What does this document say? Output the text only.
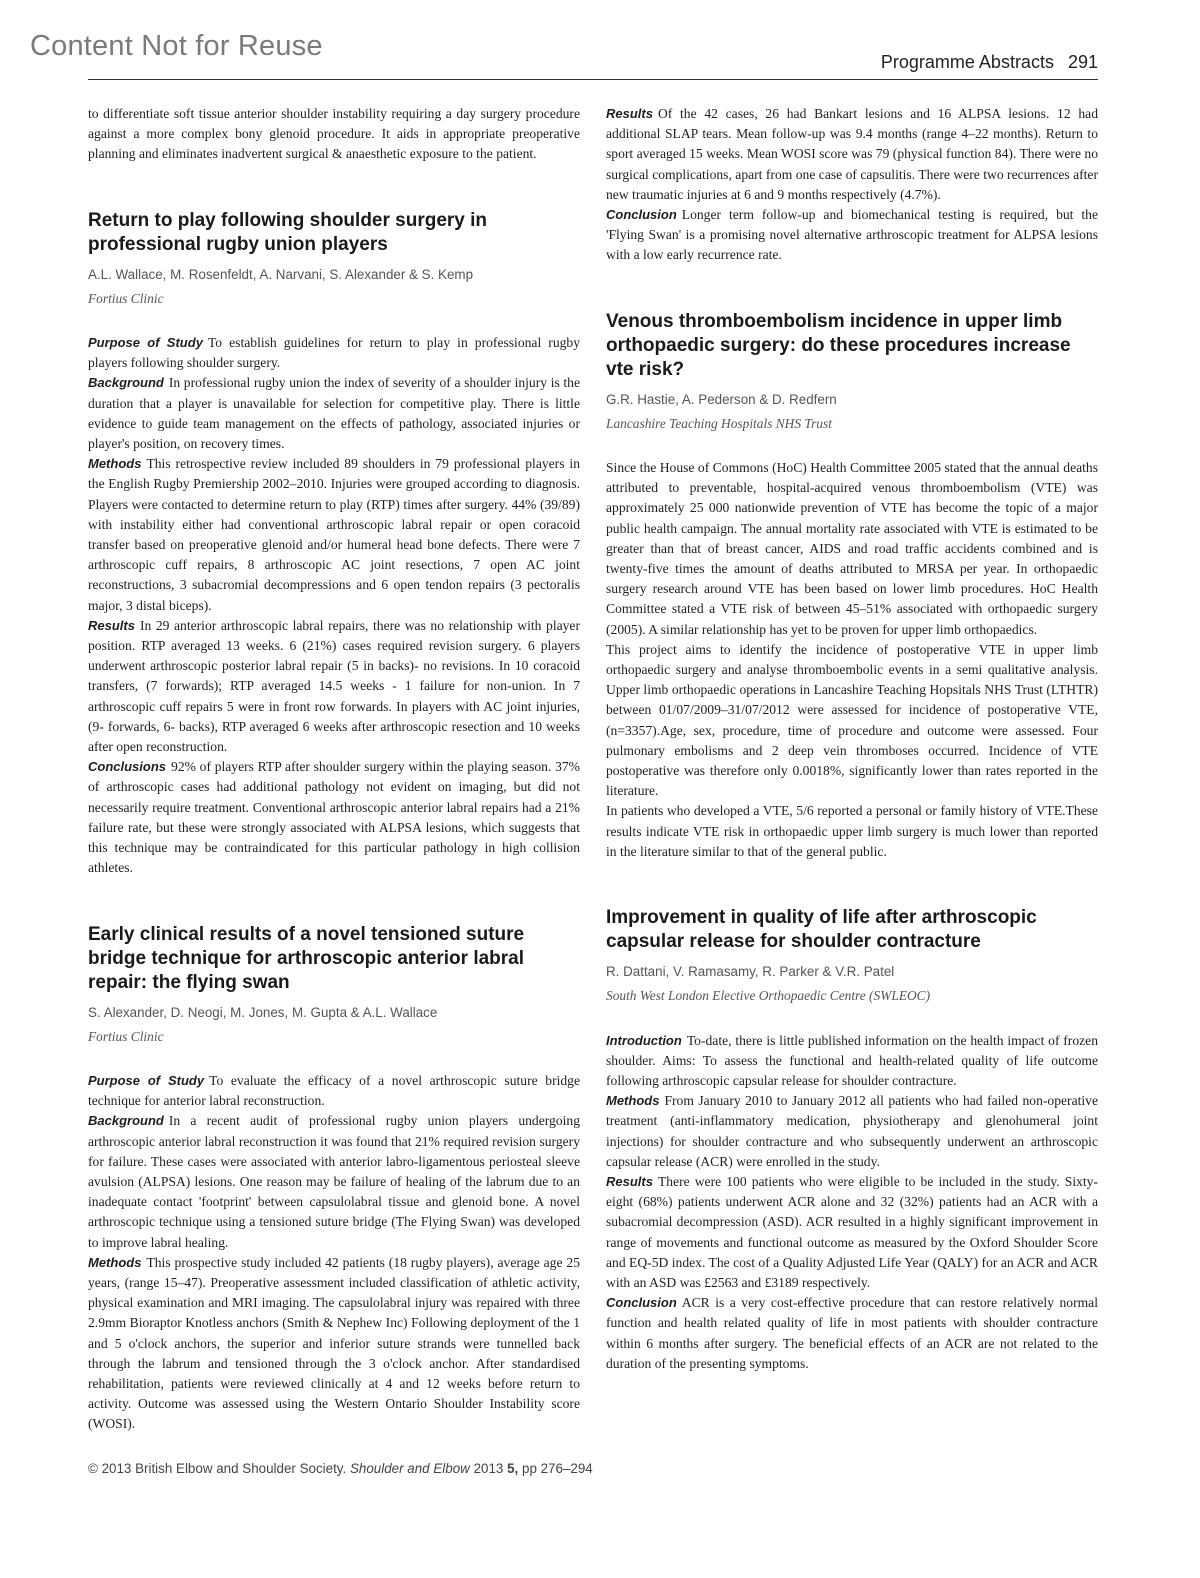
Content Not for Reuse	Programme Abstracts 291

to differentiate soft tissue anterior shoulder instability requiring a day surgery procedure against a more complex bony glenoid procedure. It aids in appropriate preoperative planning and eliminates inadvertent surgical & anaesthetic exposure to the patient.

Return to play following shoulder surgery in professional rugby union players
A.L. Wallace, M. Rosenfeldt, A. Narvani, S. Alexander & S. Kemp
Fortius Clinic

Purpose of Study To establish guidelines for return to play in professional rugby players following shoulder surgery.

Background In professional rugby union the index of severity of a shoulder injury is the duration that a player is unavailable for selection for competitive play. There is little evidence to guide team management on the effects of pathology, associated injuries or player's position, on recovery times.

Methods This retrospective review included 89 shoulders in 79 professional players in the English Rugby Premiership 2002–2010. Injuries were grouped according to diagnosis. Players were contacted to determine return to play (RTP) times after surgery. 44% (39/89) with instability either had conventional arthroscopic labral repair or open coracoid transfer based on preoperative glenoid and/or humeral head bone defects. There were 7 arthroscopic cuff repairs, 8 arthroscopic AC joint resections, 7 open AC joint reconstructions, 3 subacromial decompressions and 6 open tendon repairs (3 pectoralis major, 3 distal biceps).

Results In 29 anterior arthroscopic labral repairs, there was no relationship with player position. RTP averaged 13 weeks. 6 (21%) cases required revision surgery. 6 players underwent arthroscopic posterior labral repair (5 in backs)- no revisions. In 10 coracoid transfers, (7 forwards); RTP averaged 14.5 weeks - 1 failure for non-union. In 7 arthroscopic cuff repairs 5 were in front row forwards. In players with AC joint injuries, (9- forwards, 6- backs), RTP averaged 6 weeks after arthroscopic resection and 10 weeks after open reconstruction.

Conclusions 92% of players RTP after shoulder surgery within the playing season. 37% of arthroscopic cases had additional pathology not evident on imaging, but did not necessarily require treatment. Conventional arthroscopic anterior labral repairs had a 21% failure rate, but these were strongly associated with ALPSA lesions, which suggests that this technique may be contraindicated for this particular pathology in high collision athletes.

Early clinical results of a novel tensioned suture bridge technique for arthroscopic anterior labral repair: the flying swan
S. Alexander, D. Neogi, M. Jones, M. Gupta & A.L. Wallace
Fortius Clinic

Purpose of Study To evaluate the efficacy of a novel arthroscopic suture bridge technique for anterior labral reconstruction.

Background In a recent audit of professional rugby union players undergoing arthroscopic anterior labral reconstruction it was found that 21% required revision surgery for failure. These cases were associated with anterior labro-ligamentous periosteal sleeve avulsion (ALPSA) lesions. One reason may be failure of healing of the labrum due to an inadequate contact 'footprint' between capsulolabral tissue and glenoid bone. A novel arthroscopic technique using a tensioned suture bridge (The Flying Swan) was developed to improve labral healing.

Methods This prospective study included 42 patients (18 rugby players), average age 25 years, (range 15–47). Preoperative assessment included classification of athletic activity, physical examination and MRI imaging. The capsulolabral injury was repaired with three 2.9mm Bioraptor Knotless anchors (Smith & Nephew Inc) Following deployment of the 1 and 5 o'clock anchors, the superior and inferior suture strands were tunnelled back through the labrum and tensioned through the 3 o'clock anchor. After standardised rehabilitation, patients were reviewed clinically at 4 and 12 weeks before return to activity. Outcome was assessed using the Western Ontario Shoulder Instability score (WOSI).

Results Of the 42 cases, 26 had Bankart lesions and 16 ALPSA lesions. 12 had additional SLAP tears. Mean follow-up was 9.4 months (range 4–22 months). Return to sport averaged 15 weeks. Mean WOSI score was 79 (physical function 84). There were no surgical complications, apart from one case of capsulitis. There were two recurrences after new traumatic injuries at 6 and 9 months respectively (4.7%).

Conclusion Longer term follow-up and biomechanical testing is required, but the 'Flying Swan' is a promising novel alternative arthroscopic treatment for ALPSA lesions with a low early recurrence rate.

Venous thromboembolism incidence in upper limb orthopaedic surgery: do these procedures increase vte risk?
G.R. Hastie, A. Pederson & D. Redfern
Lancashire Teaching Hospitals NHS Trust

Since the House of Commons (HoC) Health Committee 2005 stated that the annual deaths attributed to preventable, hospital-acquired venous thromboembolism (VTE) was approximately 25 000 nationwide prevention of VTE has become the topic of a major public health campaign. The annual mortality rate associated with VTE is estimated to be greater than that of breast cancer, AIDS and road traffic accidents combined and is twenty-five times the amount of deaths attributed to MRSA per year. In orthopaedic surgery research around VTE has been based on lower limb procedures. HoC Health Committee stated a VTE risk of between 45–51% associated with orthopaedic surgery (2005). A similar relationship has yet to be proven for upper limb orthopaedics.

This project aims to identify the incidence of postoperative VTE in upper limb orthopaedic surgery and analyse thromboembolic events in a semi qualitative analysis. Upper limb orthopaedic operations in Lancashire Teaching Hopsitals NHS Trust (LTHTR) between 01/07/2009–31/07/2012 were assessed for incidence of postoperative VTE, (n=3357).Age, sex, procedure, time of procedure and outcome were assessed. Four pulmonary embolisms and 2 deep vein thromboses occurred. Incidence of VTE postoperative was therefore only 0.0018%, significantly lower than rates reported in the literature.

In patients who developed a VTE, 5/6 reported a personal or family history of VTE.These results indicate VTE risk in orthopaedic upper limb surgery is much lower than reported in the literature similar to that of the general public.

Improvement in quality of life after arthroscopic capsular release for shoulder contracture
R. Dattani, V. Ramasamy, R. Parker & V.R. Patel
South West London Elective Orthopaedic Centre (SWLEOC)

Introduction To-date, there is little published information on the health impact of frozen shoulder. Aims: To assess the functional and health-related quality of life outcome following arthroscopic capsular release for shoulder contracture.

Methods From January 2010 to January 2012 all patients who had failed non-operative treatment (anti-inflammatory medication, physiotherapy and glenohumeral joint injections) for shoulder contracture and who subsequently underwent an arthroscopic capsular release (ACR) were enrolled in the study.

Results There were 100 patients who were eligible to be included in the study. Sixty-eight (68%) patients underwent ACR alone and 32 (32%) patients had an ACR with a subacromial decompression (ASD). ACR resulted in a highly significant improvement in range of movements and functional outcome as measured by the Oxford Shoulder Score and EQ-5D index. The cost of a Quality Adjusted Life Year (QALY) for an ACR and ACR with an ASD was £2563 and £3189 respectively.

Conclusion ACR is a very cost-effective procedure that can restore relatively normal function and health related quality of life in most patients with shoulder contracture within 6 months after surgery. The beneficial effects of an ACR are not related to the duration of the presenting symptoms.

© 2013 British Elbow and Shoulder Society. Shoulder and Elbow 2013 5, pp 276–294
